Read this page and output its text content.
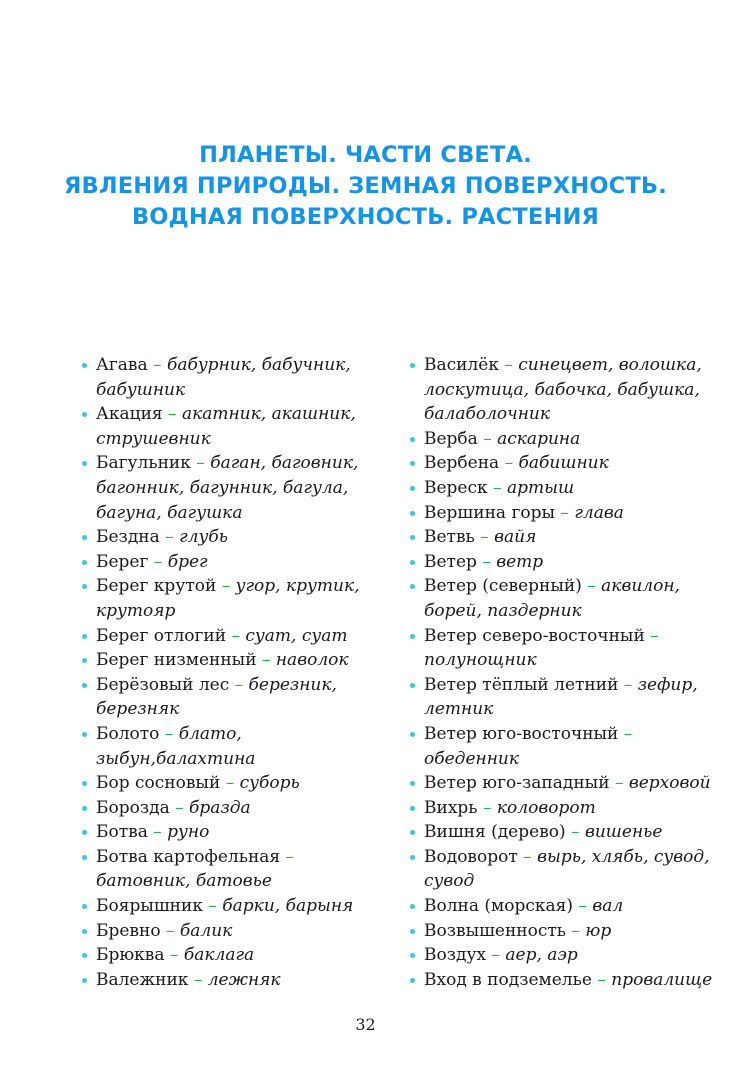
ПЛАНЕТЫ. ЧАСТИ СВЕТА.
ЯВЛЕНИЯ ПРИРОДЫ. ЗЕМНАЯ ПОВЕРХНОСТЬ.
ВОДНАЯ ПОВЕРХНОСТЬ. РАСТЕНИЯ
Агава – бабурник, бабучник, бабушник
Акация – акатник, акашник, струшевник
Багульник – баган, баговник, багонник, багунник, багула, багуна, багушка
Бездна – глубь
Берег – брег
Берег крутой – угор, крутик, крутояр
Берег отлогий – суат, суат
Берег низменный – наволок
Берёзовый лес – березник, березняк
Болото – блато, зыбун,балахтина
Бор сосновый – суборь
Борозда – бразда
Ботва – руно
Ботва картофельная – батовник, батовье
Боярышник – барки, барыня
Бревно – балик
Брюква – баклага
Валежник – лежняк
Василёк – синецвет, волошка, лоскутица, бабочка, бабушка, балаболочник
Верба – аскарина
Вербена – бабишник
Вереск – артыш
Вершина горы – глава
Ветвь – вайя
Ветер – ветр
Ветер (северный) – аквилон, борей, паздерник
Ветер северо-восточный – полунощник
Ветер тёплый летний – зефир, летник
Ветер юго-восточный – обеденник
Ветер юго-западный – верховой
Вихрь – коловорот
Вишня (дерево) – вишенье
Водоворот – вырь, хлябь, сувод, сувод
Волна (морская) – вал
Возвышенность – юр
Воздух – аер, аэр
Вход в подземелье – провалище
32
